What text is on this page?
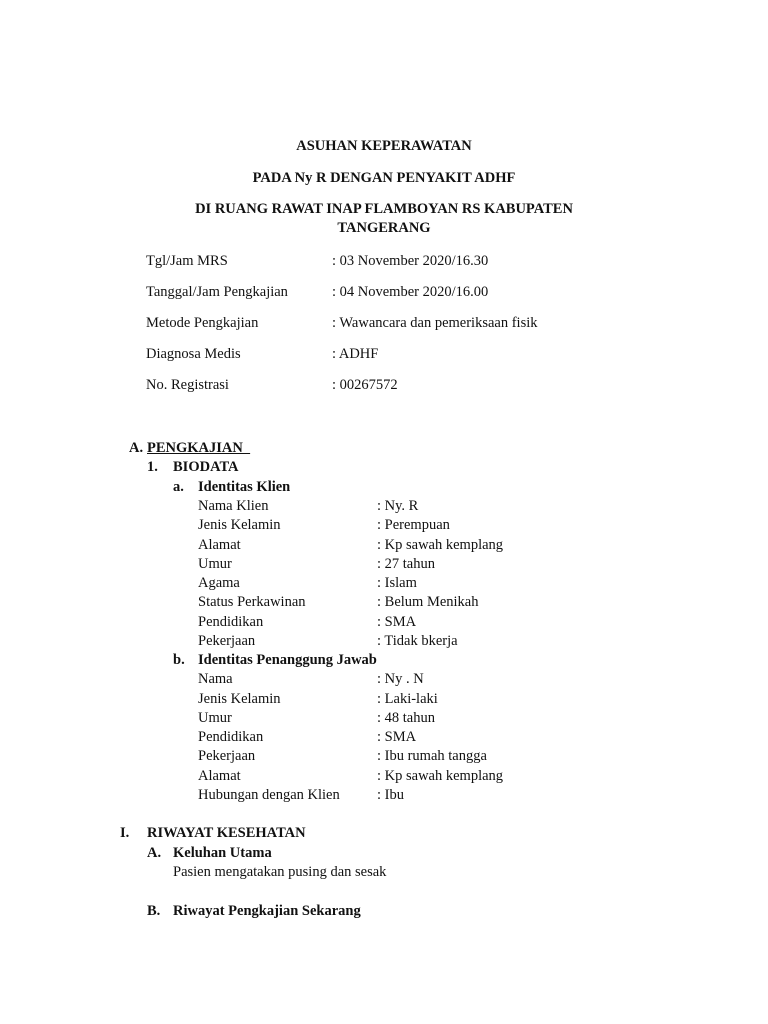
ASUHAN KEPERAWATAN
PADA Ny R DENGAN PENYAKIT ADHF
DI RUANG RAWAT INAP FLAMBOYAN RS KABUPATEN
TANGERANG
Tgl/Jam MRS	: 03 November 2020/16.30
Tanggal/Jam Pengkajian	: 04 November 2020/16.00
Metode Pengkajian	: Wawancara dan pemeriksaan fisik
Diagnosa Medis	: ADHF
No. Registrasi	: 00267572
A. PENGKAJIAN
1. BIODATA
a. Identitas Klien
Nama Klien	: Ny. R
Jenis Kelamin	: Perempuan
Alamat	: Kp sawah kemplang
Umur	: 27 tahun
Agama	: Islam
Status Perkawinan	: Belum Menikah
Pendidikan	: SMA
Pekerjaan	: Tidak bkerja
b. Identitas Penanggung Jawab
Nama	: Ny . N
Jenis Kelamin	: Laki-laki
Umur	: 48 tahun
Pendidikan	: SMA
Pekerjaan	: Ibu rumah tangga
Alamat	: Kp sawah kemplang
Hubungan dengan Klien	: Ibu
I. RIWAYAT KESEHATAN
A. Keluhan Utama
Pasien mengatakan pusing dan sesak
B. Riwayat Pengkajian Sekarang
